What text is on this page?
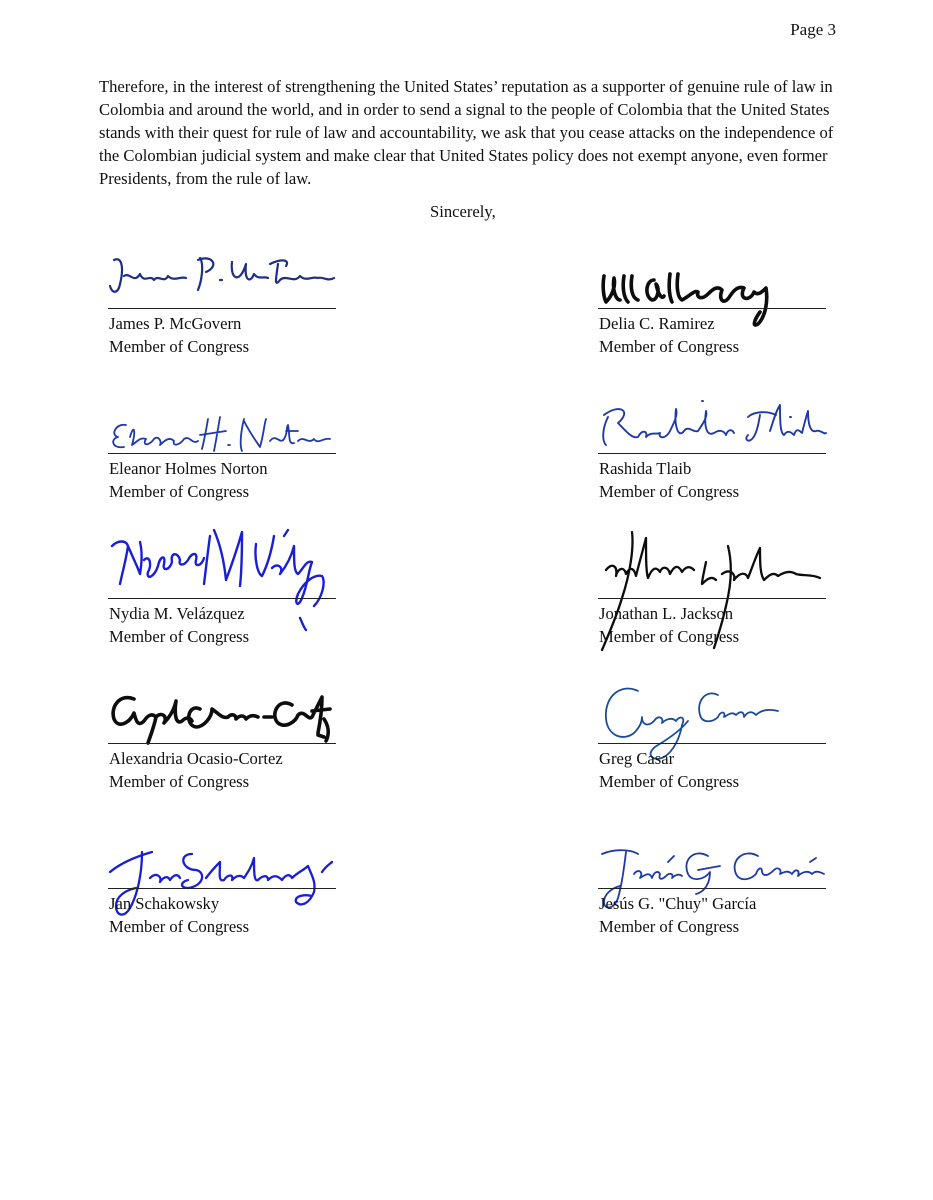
Page 3

Therefore, in the interest of strengthening the United States’ reputation as a supporter of genuine rule of law in Colombia and around the world, and in order to send a signal to the people of Colombia that the United States stands with their quest for rule of law and accountability, we ask that you cease attacks on the independence of the Colombian judicial system and make clear that United States policy does not exempt anyone, even former Presidents, from the rule of law.

Sincerely,
James P. McGovern
Member of Congress
Delia C. Ramirez
Member of Congress
Eleanor Holmes Norton
Member of Congress
Rashida Tlaib
Member of Congress
Nydia M. Velázquez
Member of Congress
Jonathan L. Jackson
Member of Congress
Alexandria Ocasio-Cortez
Member of Congress
Greg Casar
Member of Congress
Jan Schakowsky
Member of Congress
Jesús G. "Chuy" García
Member of Congress
